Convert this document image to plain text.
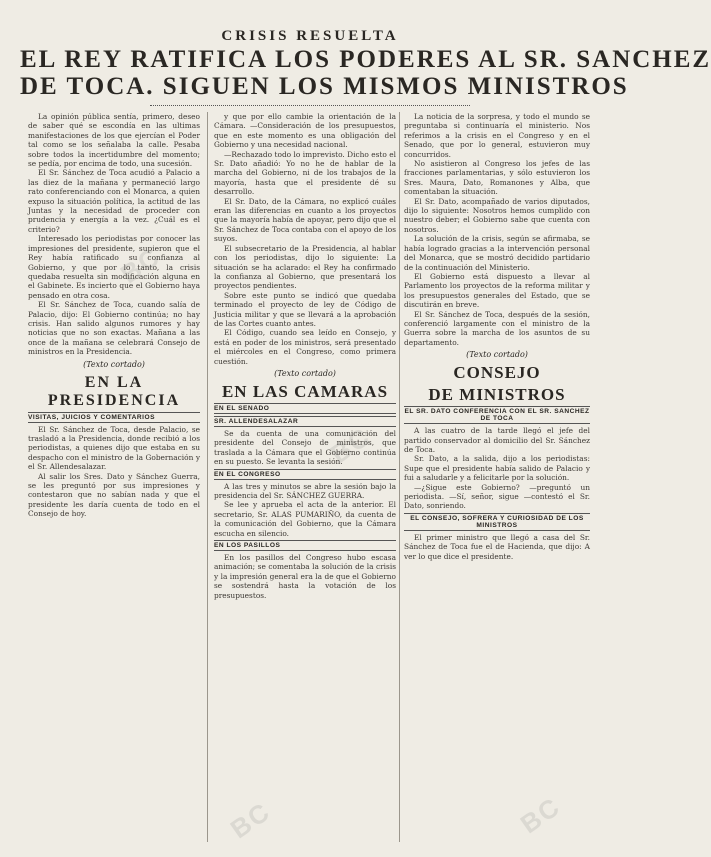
CRISIS RESUELTA
EL REY RATIFICA LOS PODERES AL SR. SANCHEZ
DE TOCA. SIGUEN LOS MISMOS MINISTROS

La opinión pública sentía, primero, deseo de saber qué se escondía en las ultimas manifestaciones de los que ejercían el Poder tal como se los señalaba la calle. Pesaba sobre todos la incertidumbre del momento; se pedía, por encima de todo, una sucesión.

El Sr. Sánchez de Toca acudió a Palacio a las diez de la mañana y permaneció largo rato conferenciando con el Monarca, a quien expuso la situación política, la actitud de las Juntas y la necesidad de proceder con prudencia y energía a la vez. ¿Cuál es el criterio?

Interesado los periodistas por conocer las impresiones del presidente, supieron que el Rey había ratificado su confianza al Gobierno, y que por lo tanto, la crisis quedaba resuelta sin modificación alguna en el Gabinete. Es incierto que el Gobierno haya pensado en otra cosa.

El Sr. Sánchez de Toca, cuando salía de Palacio, dijo: El Gobierno continúa; no hay crisis. Han salido algunos rumores y hay noticias que no son exactas. Mañana a las once de la mañana se celebrará Consejo de ministros en la Presidencia.

(Texto cortado)
EN LA PRESIDENCIA
VISITAS, JUICIOS Y COMENTARIOS

El Sr. Sánchez de Toca, desde Palacio, se trasladó a la Presidencia, donde recibió a los periodistas, a quienes dijo que estaba en su despacho con el ministro de la Gobernación y el Sr. Allendesalazar.

Al salir los Sres. Dato y Sánchez Guerra, se les preguntó por sus impresiones y contestaron que no sabían nada y que el presidente les daría cuenta de todo en el Consejo de hoy.

y que por ello cambie la orientación de la Cámara. —Consideración de los presupuestos, que en este momento es una obligación del Gobierno y una necesidad nacional.

—Rechazado todo lo imprevisto. Dicho esto el Sr. Dato añadió: Yo no he de hablar de la marcha del Gobierno, ni de los trabajos de la mayoría, hasta que el presidente dé su desarrollo.

El Sr. Dato, de la Cámara, no explicó cuáles eran las diferencias en cuanto a los proyectos que la mayoría había de apoyar, pero dijo que el Sr. Sánchez de Toca contaba con el apoyo de los suyos.

El subsecretario de la Presidencia, al hablar con los periodistas, dijo lo siguiente: La situación se ha aclarado: el Rey ha confirmado la confianza al Gobierno, que presentará los proyectos pendientes.

Sobre este punto se indicó que quedaba terminado el proyecto de ley de Código de Justicia militar y que se llevará a la aprobación de las Cortes cuanto antes.

El Código, cuando sea leído en Consejo, y está en poder de los ministros, será presentado el miércoles en el Congreso, como primera cuestión.

(Texto cortado)
EN LAS CAMARAS
EN EL SENADO
SR. ALLENDESALAZAR

Se da cuenta de una comunicación del presidente del Consejo de ministros, que traslada a la Cámara que el Gobierno continúa en su puesto. Se levanta la sesión.

EN EL CONGRESO

A las tres y minutos se abre la sesión bajo la presidencia del Sr. SÁNCHEZ GUERRA.

Se lee y aprueba el acta de la anterior. El secretario, Sr. ALAS PUMARIÑO, da cuenta de la comunicación del Gobierno, que la Cámara escucha en silencio.

EN LOS PASILLOS

En los pasillos del Congreso hubo escasa animación; se comentaba la solución de la crisis y la impresión general era la de que el Gobierno se sostendrá hasta la votación de los presupuestos.

La noticia de la sorpresa, y todo el mundo se preguntaba si continuaría el ministerio. Nos referimos a la crisis en el Congreso y en el Senado, que por lo general, estuvieron muy concurridos.

No asistieron al Congreso los jefes de las fracciones parlamentarias, y sólo estuvieron los Sres. Maura, Dato, Romanones y Alba, que comentaban la situación.

El Sr. Dato, acompañado de varios diputados, dijo lo siguiente: Nosotros hemos cumplido con nuestro deber; el Gobierno sabe que cuenta con nosotros.

La solución de la crisis, según se afirmaba, se había logrado gracias a la intervención personal del Monarca, que se mostró decidido partidario de la continuación del Ministerio.

El Gobierno está dispuesto a llevar al Parlamento los proyectos de la reforma militar y los presupuestos generales del Estado, que se discutirán en breve.

El Sr. Sánchez de Toca, después de la sesión, conferenció largamente con el ministro de la Guerra sobre la marcha de los asuntos de su departamento.

(Texto cortado)
CONSEJO
DE MINISTROS
EL SR. DATO CONFERENCIA CON EL SR. SANCHEZ DE TOCA

A las cuatro de la tarde llegó el jefe del partido conservador al domicilio del Sr. Sánchez de Toca.

Sr. Dato, a la salida, dijo a los periodistas: Supe que el presidente había salido de Palacio y fui a saludarle y a felicitarle por la solución.

—¿Sigue este Gobierno? —preguntó un periodista. —Sí, señor, sigue —contestó el Sr. Dato, sonriendo.

EL CONSEJO, SOFRERA Y CURIOSIDAD DE LOS MINISTROS

El primer ministro que llegó a casa del Sr. Sánchez de Toca fue el de Hacienda, que dijo: A ver lo que dice el presidente.

BC
BC
BC	BC
